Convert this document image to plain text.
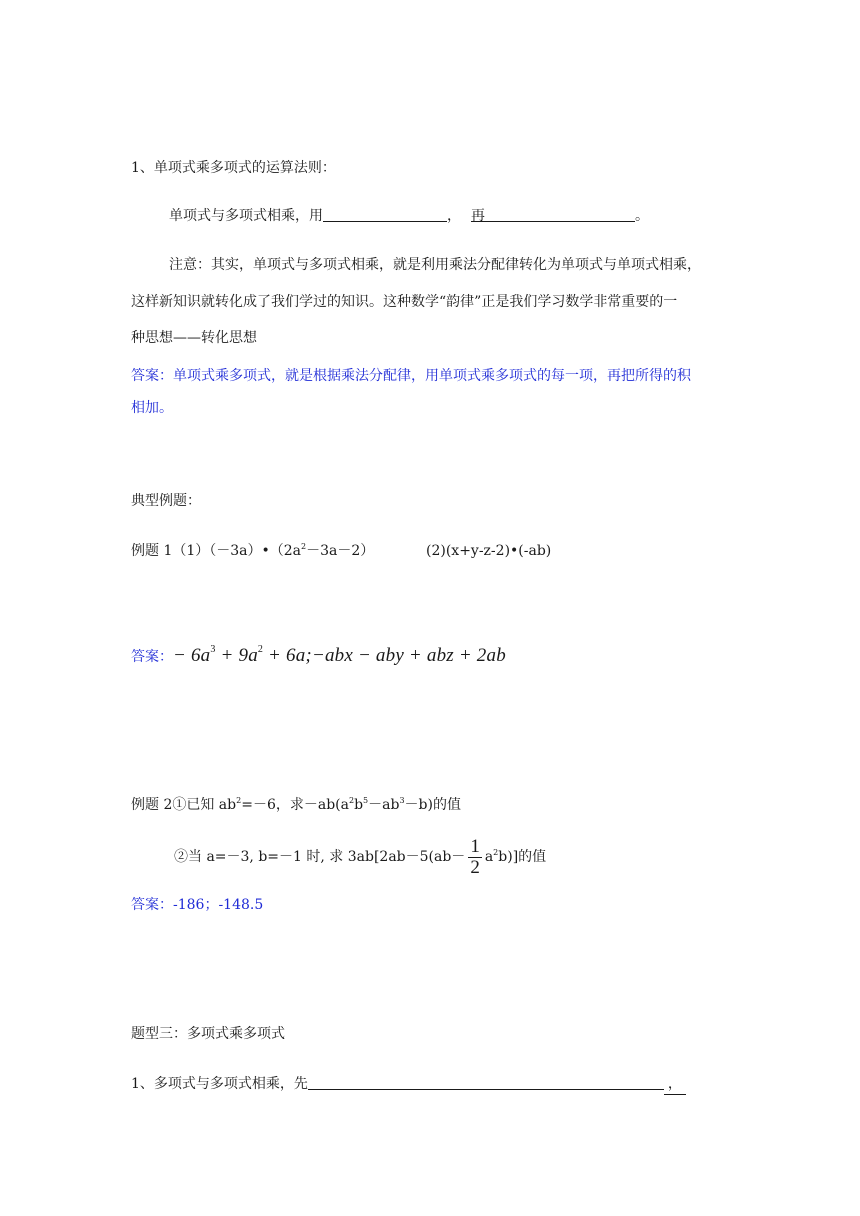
1、单项式乘多项式的运算法则：
单项式与多项式相乘，用	， 再	。
注意：其实，单项式与多项式相乘，就是利用乘法分配律转化为单项式与单项式相乘，
这样新知识就转化成了我们学过的知识。这种数学“韵律”正是我们学习数学非常重要的一
种思想——转化思想
答案：单项式乘多项式，就是根据乘法分配律，用单项式乘多项式的每一项，再把所得的积
相加。
典型例题：
例题 $1(1)(-3a)•(2a^2-3a-2)$	(2)(x+y-z-2)•(-ab)
答案：− $6a^3 + 9a^2$ + 6a;−abx − aby + abz + 2ab
例题 2①已知 $ab^2=-6$，求$-ab(a^2b^5-ab^3-b)$的值
②当 a=－3, b=－1 时, 求 $3ab[2ab-5(ab- \frac{1}{2} a^2b)]$的值
答案：-186；-148.5
题型三：多项式乘多项式
1、多项式与多项式相乘，先	，
